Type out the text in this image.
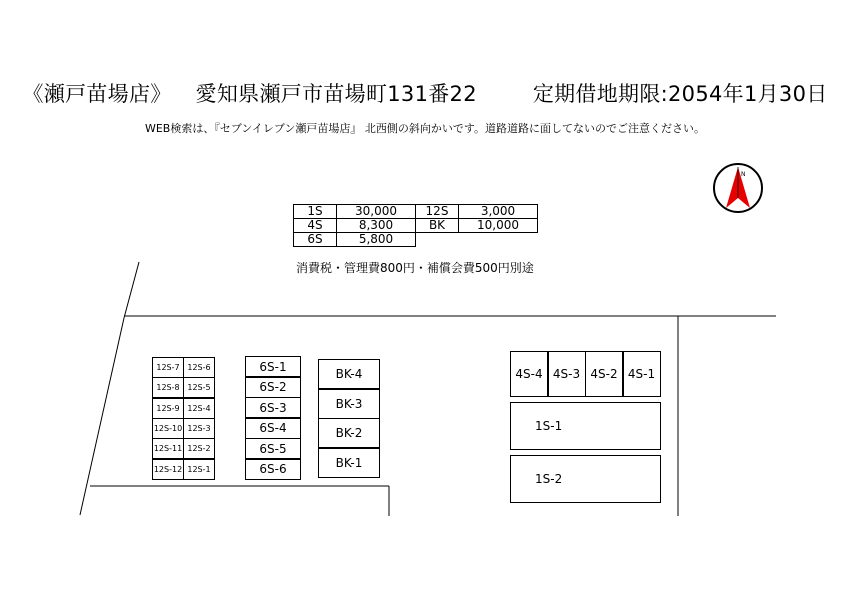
《瀬戸苗場店》 愛知県瀬戸市苗場町131番22	定期借地期限:2054年1月30日
WEB検索は、『セブンイレブン瀬戸苗場店』 北西側の斜向かいです。道路道路に面してないのでご注意ください。
N
1S	30,000	12S	3,000
4S	8,300	BK	10,000
6S	5,800		
消費税・管理費800円・補償会費500円別途
12S-7
12S-8
12S-9
12S-10
12S-11
12S-12
12S-6
12S-5
12S-4
12S-3
12S-2
12S-1
6S-1
6S-2
6S-3
6S-4
6S-5
6S-6
BK-4
BK-3
BK-2
BK-1
4S-4 4S-3 4S-2 4S-1
1S-1
1S-2
